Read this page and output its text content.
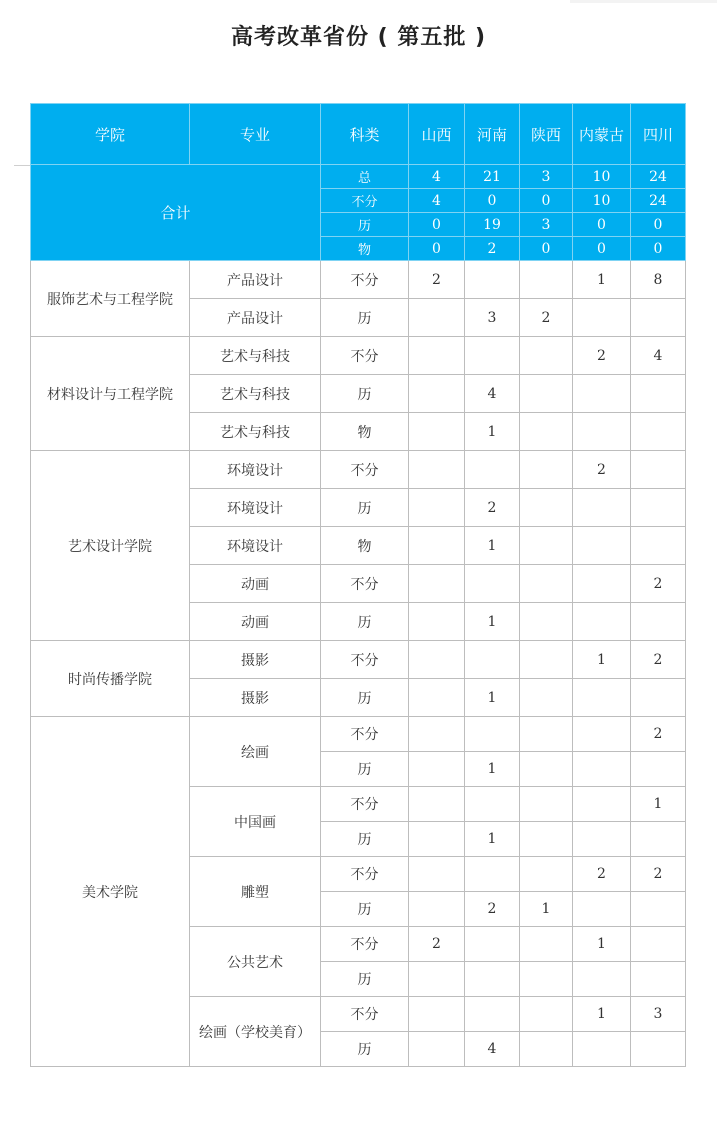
高考改革省份 ( 第五批 )
学院	专业	科类	山西	河南	陕西	内蒙古	四川
合计		总	4	21	3	10	24
		不分	4	0	0	10	24
		历	0	19	3	0	0
		物	0	2	0	0	0
服饰艺术与工程学院	产品设计	不分	2			1	8
	产品设计	历		3	2		
材料设计与工程学院	艺术与科技	不分				2	4
	艺术与科技	历		4			
	艺术与科技	物		1			
艺术设计学院	环境设计	不分				2	
	环境设计	历		2			
	环境设计	物		1			
	动画	不分					2
	动画	历		1			
时尚传播学院	摄影	不分				1	2
	摄影	历		1			
美术学院	绘画	不分					2
		历		1			
	中国画	不分					1
		历		1			
	雕塑	不分				2	2
		历		2	1		
	公共艺术	不分	2			1	
		历					
	绘画（学校美育）	不分				1	3
		历		4			
